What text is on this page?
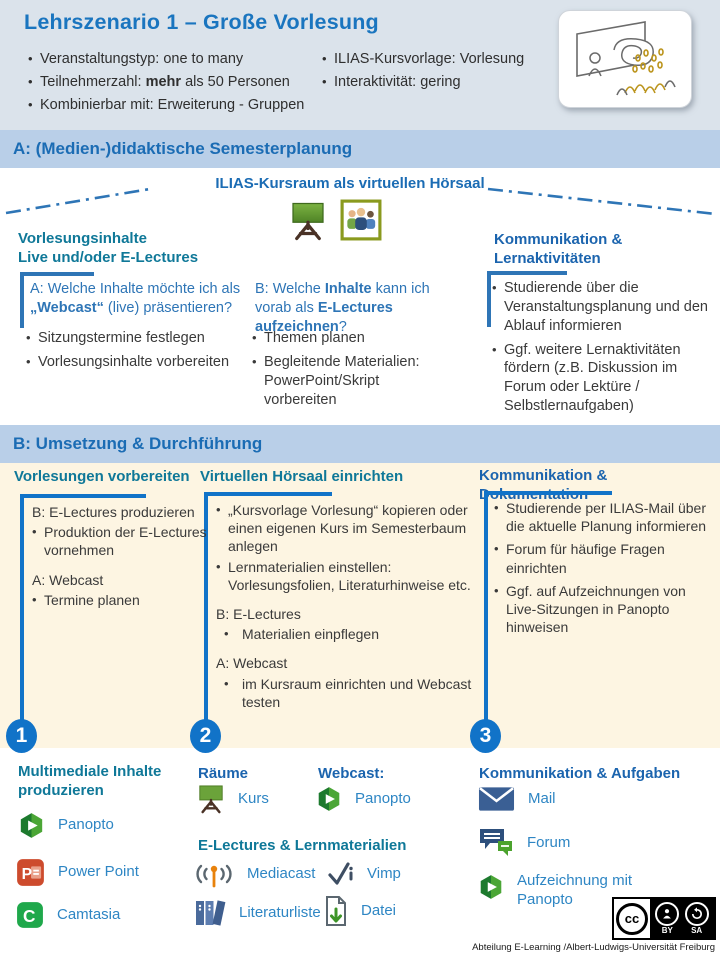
Lehrszenario 1 – Große Vorlesung
• Veranstaltungstyp: one to many
• Teilnehmerzahl: mehr als 50 Personen
• Kombinierbar mit: Erweiterung - Gruppen
• ILIAS-Kursvorlage: Vorlesung
• Interaktivität: gering
A: (Medien-)didaktische Semesterplanung
ILIAS-Kursraum als virtuellen Hörsaal
Vorlesungsinhalte
Live und/oder E-Lectures
A: Welche Inhalte möchte ich als „Webcast“ (live) präsentieren?
• Sitzungstermine festlegen
• Vorlesungsinhalte vorbereiten
B: Welche Inhalte kann ich vorab als E-Lectures aufzeichnen?
• Themen planen
• Begleitende Materialien: PowerPoint/Skript vorbereiten
Kommunikation &
Lernaktivitäten
• Studierende über die Veranstaltungsplanung und den Ablauf informieren
• Ggf. weitere Lernaktivitäten fördern (z.B. Diskussion im Forum oder Lektüre / Selbstlernaufgaben)
B: Umsetzung & Durchführung
Vorlesungen vorbereiten Virtuellen Hörsaal einrichten	Kommunikation & Dokumentation
B: E-Lectures produzieren
• Produktion der E-Lectures vornehmen
A: Webcast
• Termine planen
• „Kursvorlage Vorlesung“ kopieren oder einen eigenen Kurs im Semesterbaum anlegen
• Lernmaterialien einstellen: Vorlesungsfolien, Literaturhinweise etc.
B: E-Lectures
• Materialien einpflegen
A: Webcast
• im Kursraum einrichten und Webcast testen
• Studierende per ILIAS-Mail über die aktuelle Planung informieren
• Forum für häufige Fragen einrichten
• Ggf. auf Aufzeichnungen von Live-Sitzungen in Panopto hinweisen
1	2	3
Multimediale Inhalte
produzieren
Panopto
P Power Point
C Camtasia
Räume
Kurs
Webcast:
Panopto
E-Lectures & Lernmaterialien
Mediacast	Vimp
Literaturliste	Datei
Kommunikation & Aufgaben
Mail
Forum
Aufzeichnung mit
Panopto
cc
BY SA
Abteilung E-Learning /Albert-Ludwigs-Universität Freiburg
